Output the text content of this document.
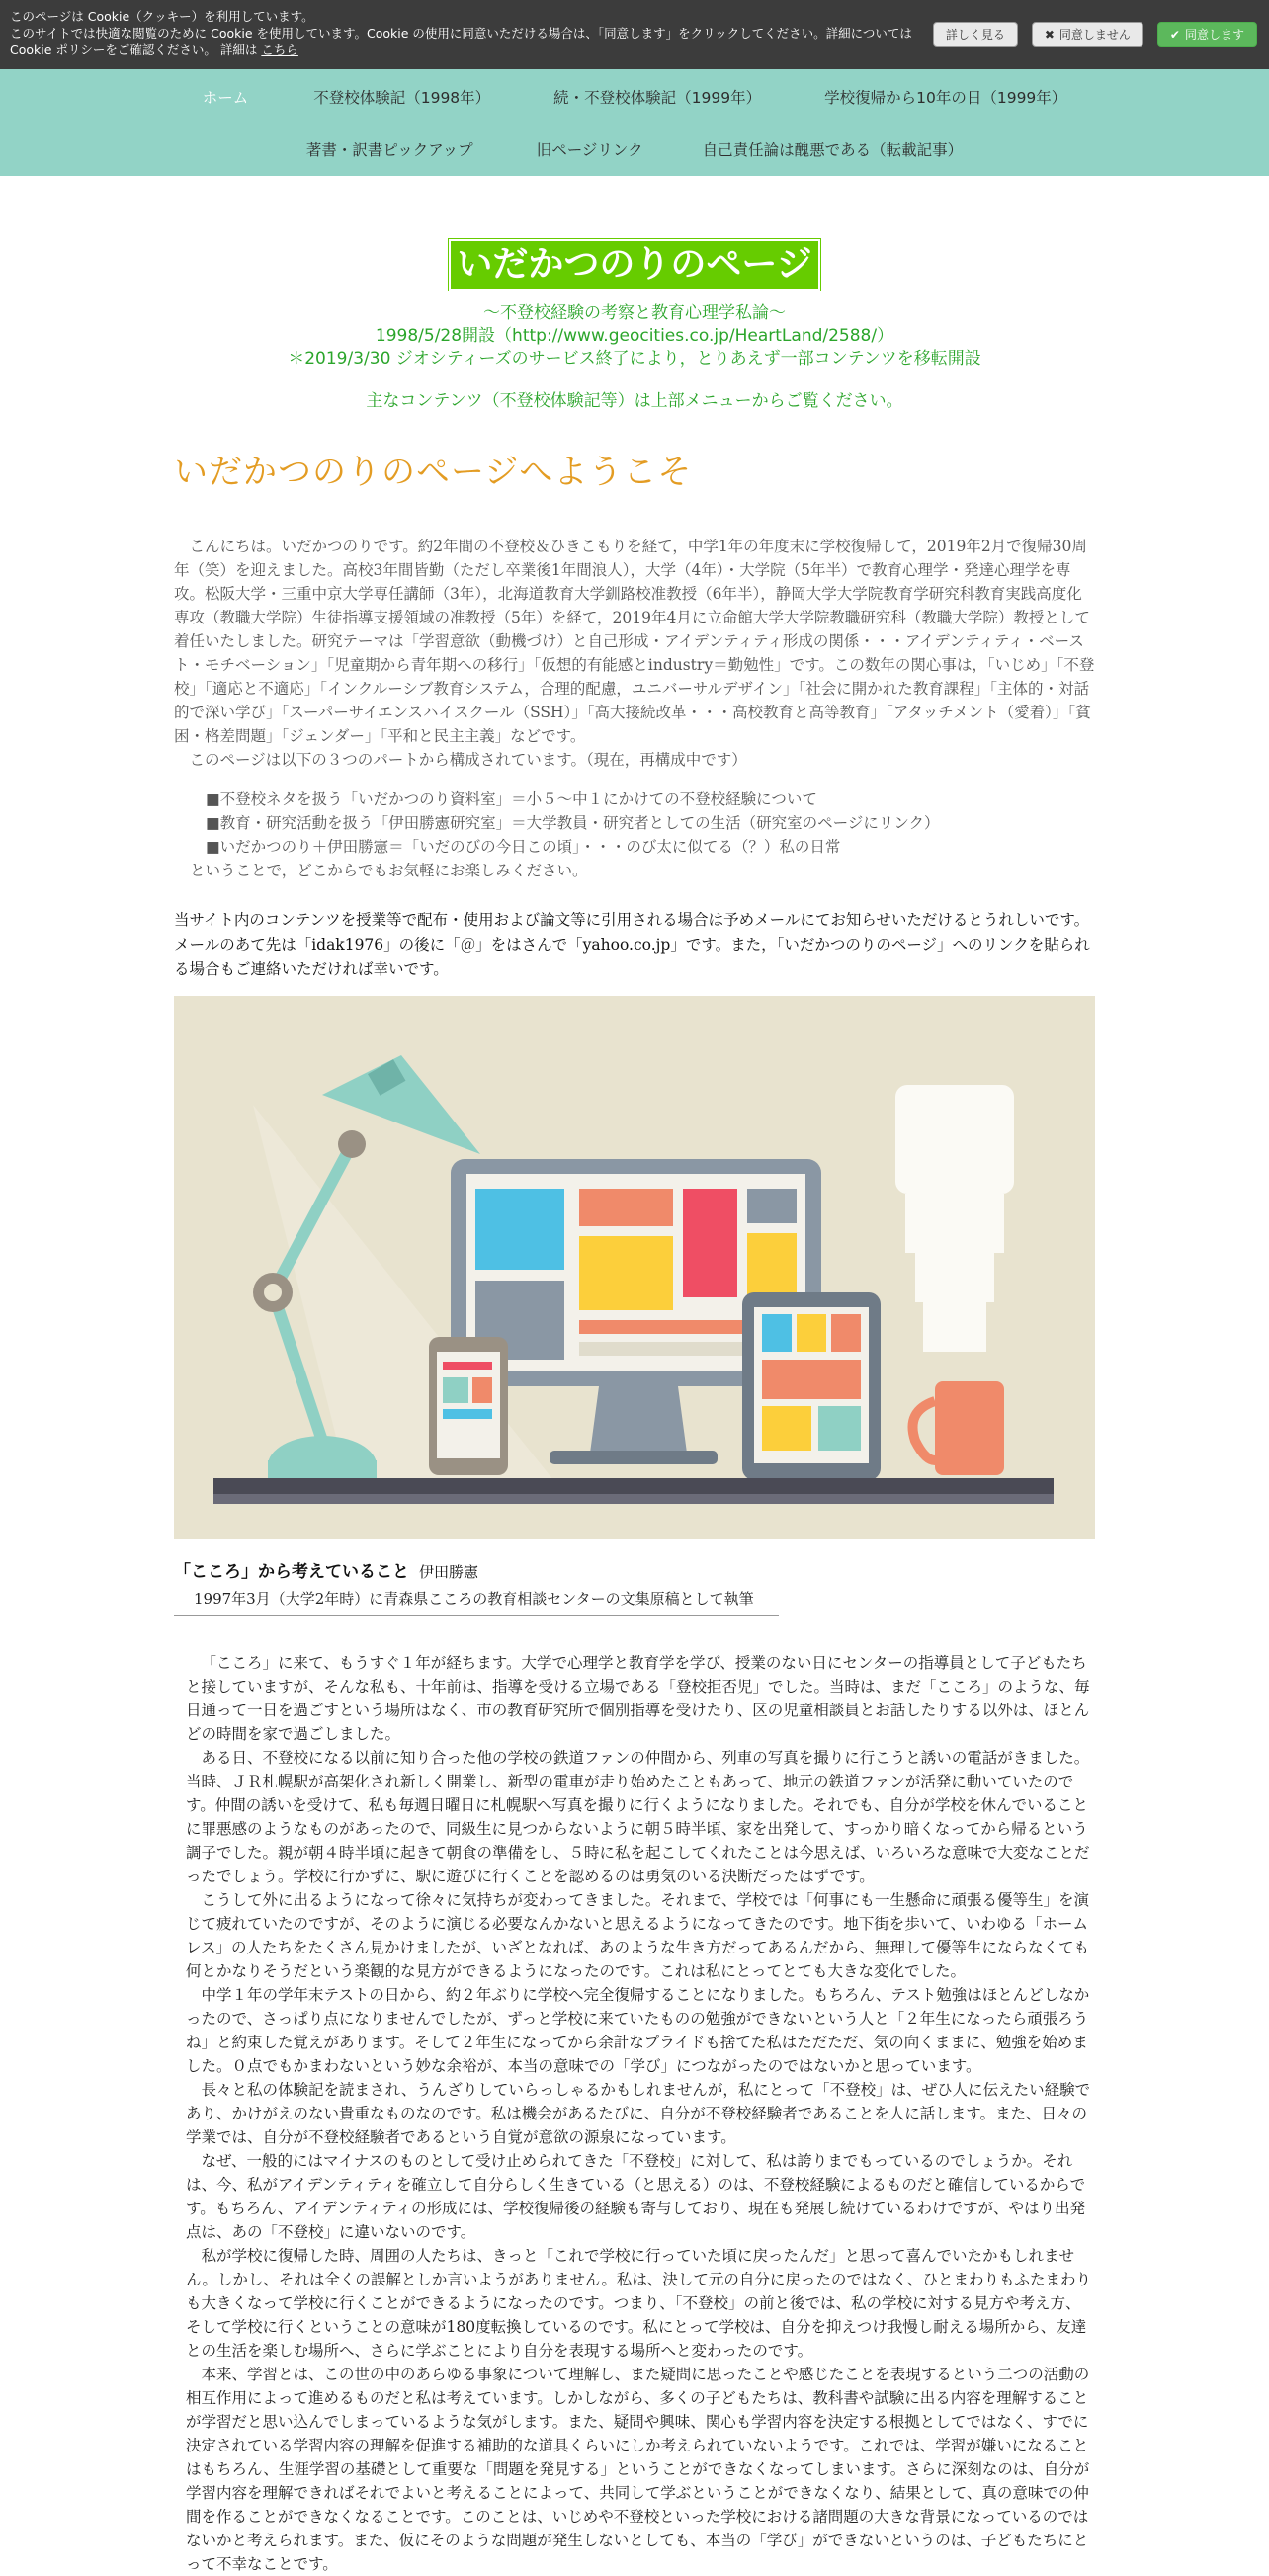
このページは Cookie（クッキー）を利用しています。
このサイトでは快適な閲覧のために Cookie を使用しています。Cookie の使用に同意いただける場合は、「同意します」をクリックしてください。詳細についてはCookie ポリシーをご確認ください。 詳細は こちら
詳しく見る	✖ 同意しません	✔ 同意します
ホーム	不登校体験記（1998年）	続・不登校体験記（1999年）	学校復帰から10年の日（1999年）
著書・訳書ピックアップ	旧ページリンク	自己責任論は醜悪である（転載記事）
いだかつのりのページ
～不登校経験の考察と教育心理学私論～
1998/5/28開設（http://www.geocities.co.jp/HeartLand/2588/）
＊2019/3/30 ジオシティーズのサービス終了により，とりあえず一部コンテンツを移転開設
主なコンテンツ（不登校体験記等）は上部メニューからご覧ください。
いだかつのりのページへようこそ

こんにちは。いだかつのりです。約2年間の不登校＆ひきこもりを経て，中学1年の年度末に学校復帰して，2019年2月で復帰30周年（笑）を迎えました。高校3年間皆勤（ただし卒業後1年間浪人），大学（4年）・大学院（5年半）で教育心理学・発達心理学を専攻。松阪大学・三重中京大学専任講師（3年），北海道教育大学釧路校准教授（6年半），静岡大学大学院教育学研究科教育実践高度化専攻（教職大学院）生徒指導支援領域の准教授（5年）を経て，2019年4月に立命館大学大学院教職研究科（教職大学院）教授として着任いたしました。研究テーマは「学習意欲（動機づけ）と自己形成・アイデンティティ形成の関係・・・アイデンティティ・ベースト・モチベーション」「児童期から青年期への移行」「仮想的有能感とindustry＝勤勉性」です。この数年の関心事は，「いじめ」「不登校」「適応と不適応」「インクルーシブ教育システム，合理的配慮，ユニバーサルデザイン」「社会に開かれた教育課程」「主体的・対話的で深い学び」「スーパーサイエンスハイスクール（SSH）」「高大接続改革・・・高校教育と高等教育」「アタッチメント（愛着）」「貧困・格差問題」「ジェンダー」「平和と民主主義」などです。

このページは以下の３つのパートから構成されています。（現在，再構成中です）

■不登校ネタを扱う「いだかつのり資料室」＝小５～中１にかけての不登校経験について
■教育・研究活動を扱う「伊田勝憲研究室」＝大学教員・研究者としての生活（研究室のページにリンク）
■いだかつのり＋伊田勝憲＝「いだのびの今日この頃」・・・のび太に似てる（？）私の日常
ということで，どこからでもお気軽にお楽しみください。
当サイト内のコンテンツを授業等で配布・使用および論文等に引用される場合は予めメールにてお知らせいただけるとうれしいです。メールのあて先は「idak1976」の後に「＠」をはさんで「yahoo.co.jp」です。また，「いだかつのりのページ」へのリンクを貼られる場合もご連絡いただければ幸いです。
「こころ」から考えていること 伊田勝憲
1997年3月（大学2年時）に青森県こころの教育相談センターの文集原稿として執筆

「こころ」に来て、もうすぐ１年が経ちます。大学で心理学と教育学を学び、授業のない日にセンターの指導員として子どもたちと接していますが、そんな私も、十年前は、指導を受ける立場である「登校拒否児」でした。当時は、まだ「こころ」のような、毎日通って一日を過ごすという場所はなく、市の教育研究所で個別指導を受けたり、区の児童相談員とお話したりする以外は、ほとんどの時間を家で過ごしました。

ある日、不登校になる以前に知り合った他の学校の鉄道ファンの仲間から、列車の写真を撮りに行こうと誘いの電話がきました。当時、ＪＲ札幌駅が高架化され新しく開業し、新型の電車が走り始めたこともあって、地元の鉄道ファンが活発に動いていたのです。仲間の誘いを受けて、私も毎週日曜日に札幌駅へ写真を撮りに行くようになりました。それでも、自分が学校を休んでいることに罪悪感のようなものがあったので、同級生に見つからないように朝５時半頃、家を出発して、すっかり暗くなってから帰るという調子でした。親が朝４時半頃に起きて朝食の準備をし、５時に私を起こしてくれたことは今思えば、いろいろな意味で大変なことだったでしょう。学校に行かずに、駅に遊びに行くことを認めるのは勇気のいる決断だったはずです。

こうして外に出るようになって徐々に気持ちが変わってきました。それまで、学校では「何事にも一生懸命に頑張る優等生」を演じて疲れていたのですが、そのように演じる必要なんかないと思えるようになってきたのです。地下街を歩いて、いわゆる「ホームレス」の人たちをたくさん見かけましたが、いざとなれば、あのような生き方だってあるんだから、無理して優等生にならなくても何とかなりそうだという楽観的な見方ができるようになったのです。これは私にとってとても大きな変化でした。

中学１年の学年末テストの日から、約２年ぶりに学校へ完全復帰することになりました。もちろん、テスト勉強はほとんどしなかったので、さっぱり点になりませんでしたが、ずっと学校に来ていたものの勉強ができないという人と「２年生になったら頑張ろうね」と約束した覚えがあります。そして２年生になってから余計なプライドも捨てた私はただただ、気の向くままに、勉強を始めました。０点でもかまわないという妙な余裕が、本当の意味での「学び」につながったのではないかと思っています。

長々と私の体験記を読まされ、うんざりしていらっしゃるかもしれませんが，私にとって「不登校」は、ぜひ人に伝えたい経験であり、かけがえのない貴重なものなのです。私は機会があるたびに、自分が不登校経験者であることを人に話します。また、日々の学業では、自分が不登校経験者であるという自覚が意欲の源泉になっています。

なぜ、一般的にはマイナスのものとして受け止められてきた「不登校」に対して、私は誇りまでもっているのでしょうか。それは、今、私がアイデンティティを確立して自分らしく生きている（と思える）のは、不登校経験によるものだと確信しているからです。もちろん、アイデンティティの形成には、学校復帰後の経験も寄与しており、現在も発展し続けているわけですが、やはり出発点は、あの「不登校」に違いないのです。

私が学校に復帰した時、周囲の人たちは、きっと「これで学校に行っていた頃に戻ったんだ」と思って喜んでいたかもしれません。しかし、それは全くの誤解としか言いようがありません。私は、決して元の自分に戻ったのではなく、ひとまわりもふたまわりも大きくなって学校に行くことができるようになったのです。つまり、「不登校」の前と後では、私の学校に対する見方や考え方、そして学校に行くということの意味が180度転換しているのです。私にとって学校は、自分を抑えつけ我慢し耐える場所から、友達との生活を楽しむ場所へ、さらに学ぶことにより自分を表現する場所へと変わったのです。

本来、学習とは、この世の中のあらゆる事象について理解し、また疑問に思ったことや感じたことを表現するという二つの活動の相互作用によって進めるものだと私は考えています。しかしながら、多くの子どもたちは、教科書や試験に出る内容を理解することが学習だと思い込んでしまっているような気がします。また、疑問や興味、関心も学習内容を決定する根拠としてではなく、すでに決定されている学習内容の理解を促進する補助的な道具くらいにしか考えられていないようです。これでは、学習が嫌いになることはもちろん、生涯学習の基礎として重要な「問題を発見する」ということができなくなってしまいます。さらに深刻なのは、自分が学習内容を理解できればそれでよいと考えることによって、共同して学ぶということができなくなり、結果として、真の意味での仲間を作ることができなくなることです。このことは、いじめや不登校といった学校における諸問題の大きな背景になっているのではないかと考えられます。また、仮にそのような問題が発生しないとしても、本当の「学び」ができないというのは、子どもたちにとって不幸なことです。
